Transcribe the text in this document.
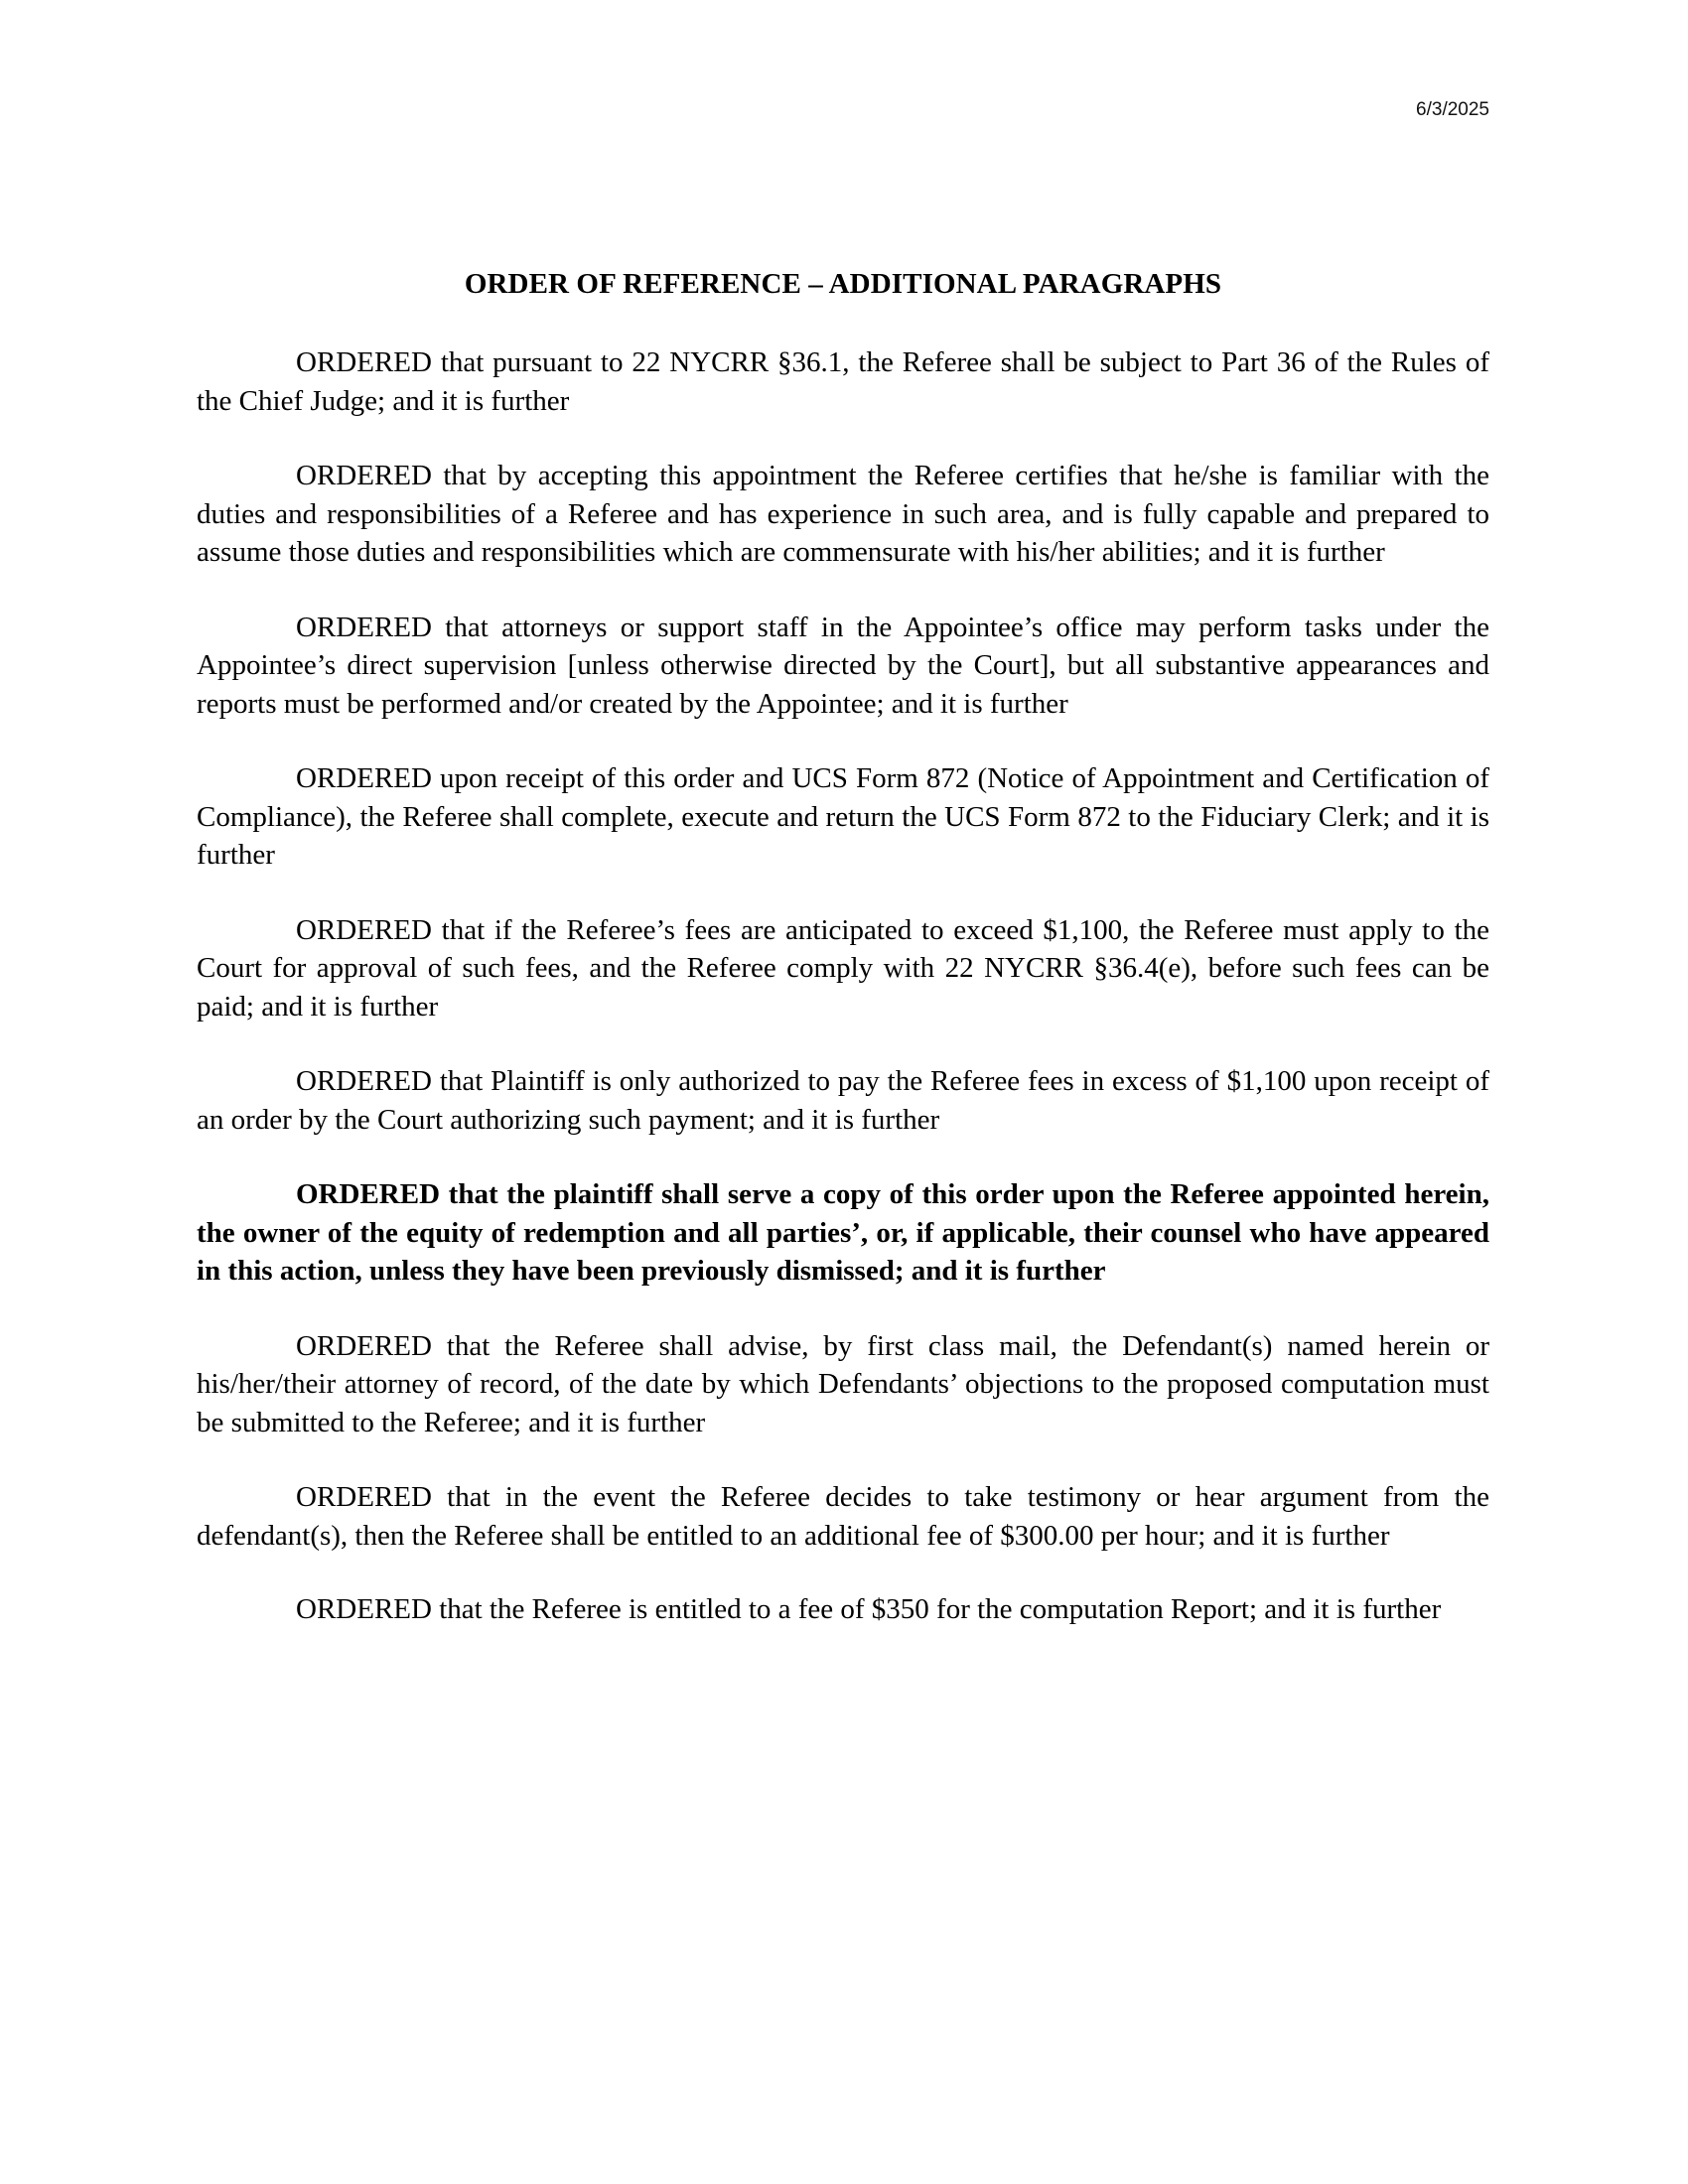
6/3/2025
ORDER OF REFERENCE – ADDITIONAL PARAGRAPHS

ORDERED that pursuant to 22 NYCRR §36.1, the Referee shall be subject to Part 36 of the Rules of the Chief Judge; and it is further

ORDERED that by accepting this appointment the Referee certifies that he/she is familiar with the duties and responsibilities of a Referee and has experience in such area, and is fully capable and prepared to assume those duties and responsibilities which are commensurate with his/her abilities; and it is further

ORDERED that attorneys or support staff in the Appointee’s office may perform tasks under the Appointee’s direct supervision [unless otherwise directed by the Court], but all substantive appearances and reports must be performed and/or created by the Appointee; and it is further

ORDERED upon receipt of this order and UCS Form 872 (Notice of Appointment and Certification of Compliance), the Referee shall complete, execute and return the UCS Form 872 to the Fiduciary Clerk; and it is further

ORDERED that if the Referee’s fees are anticipated to exceed $1,100, the Referee must apply to the Court for approval of such fees, and the Referee comply with 22 NYCRR §36.4(e), before such fees can be paid; and it is further

ORDERED that Plaintiff is only authorized to pay the Referee fees in excess of $1,100 upon receipt of an order by the Court authorizing such payment; and it is further

ORDERED that the plaintiff shall serve a copy of this order upon the Referee appointed herein, the owner of the equity of redemption and all parties’, or, if applicable, their counsel who have appeared in this action, unless they have been previously dismissed; and it is further

ORDERED that the Referee shall advise, by first class mail, the Defendant(s) named herein or his/her/their attorney of record, of the date by which Defendants’ objections to the proposed computation must be submitted to the Referee; and it is further

ORDERED that in the event the Referee decides to take testimony or hear argument from the defendant(s), then the Referee shall be entitled to an additional fee of $300.00 per hour; and it is further

ORDERED that the Referee is entitled to a fee of $350 for the computation Report; and it is further
